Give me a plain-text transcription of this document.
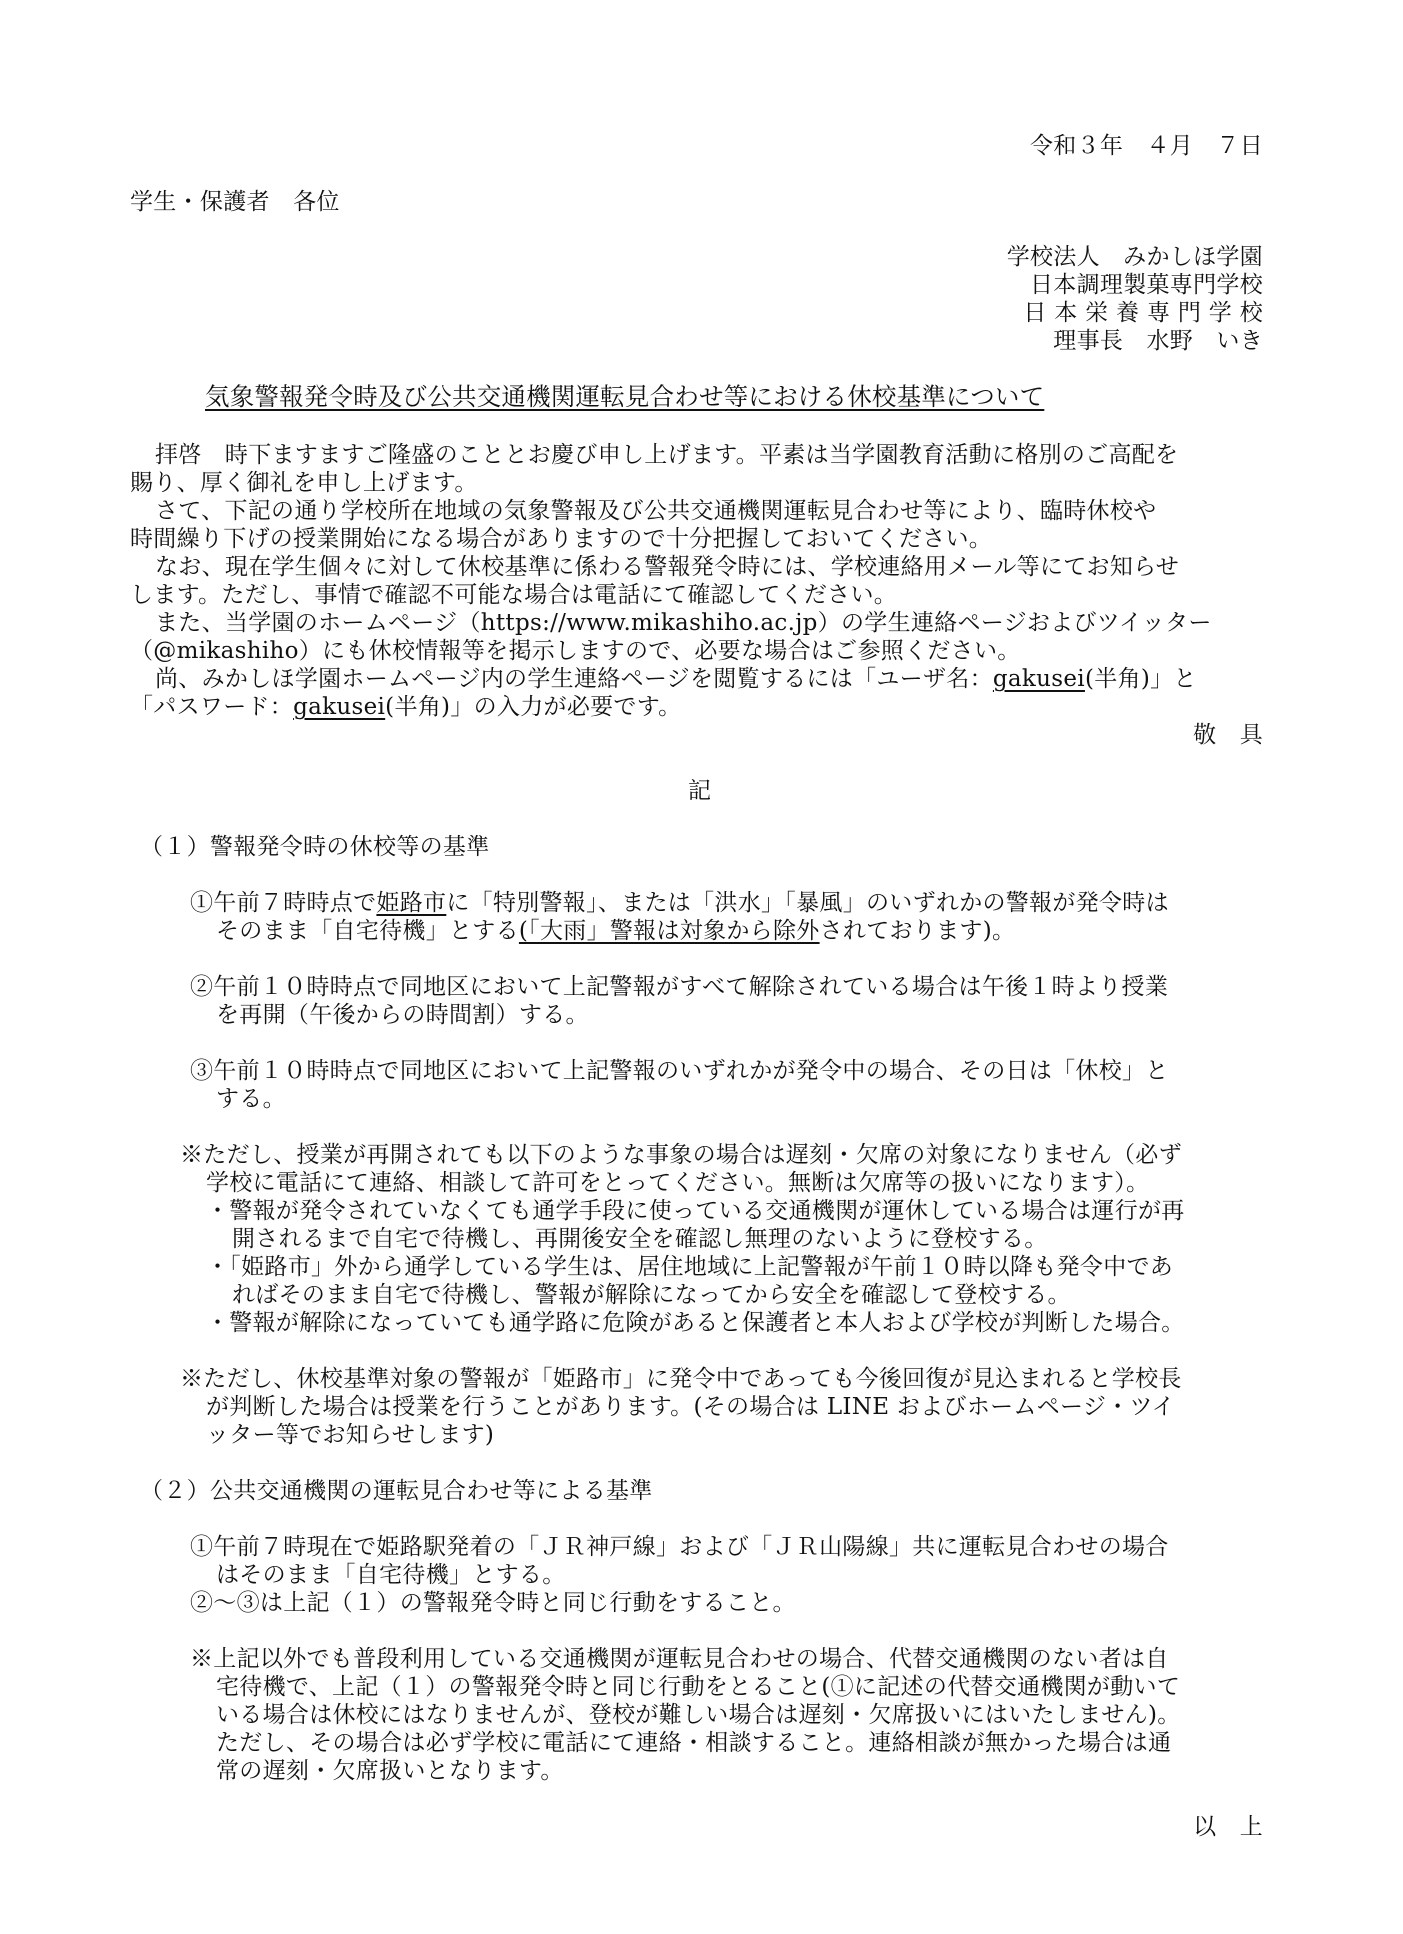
令和３年　４月　７日
学生・保護者　各位
学校法人　みかしほ学園
日本調理製菓専門学校
日 本 栄 養 専 門 学 校
理事長　水野　いき
気象警報発令時及び公共交通機関運転見合わせ等における休校基準について
拝啓　時下ますますご隆盛のこととお慶び申し上げます。平素は当学園教育活動に格別のご高配を
賜り、厚く御礼を申し上げます。
さて、下記の通り学校所在地域の気象警報及び公共交通機関運転見合わせ等により、臨時休校や
時間繰り下げの授業開始になる場合がありますので十分把握しておいてください。
なお、現在学生個々に対して休校基準に係わる警報発令時には、学校連絡用メール等にてお知らせ
します。ただし、事情で確認不可能な場合は電話にて確認してください。
また、当学園のホームページ（https://www.mikashiho.ac.jp）の学生連絡ページおよびツイッター
（@mikashiho）にも休校情報等を掲示しますので、必要な場合はご参照ください。
尚、みかしほ学園ホームページ内の学生連絡ページを閲覧するには「ユーザ名：gakusei(半角)」と
「パスワード：gakusei(半角)」の入力が必要です。
敬　具
記
（１）警報発令時の休校等の基準
①午前７時時点で姫路市に「特別警報」、または「洪水」「暴風」のいずれかの警報が発令時は
そのまま「自宅待機」とする(「大雨」警報は対象から除外されております)。
②午前１０時時点で同地区において上記警報がすべて解除されている場合は午後１時より授業
を再開（午後からの時間割）する。
③午前１０時時点で同地区において上記警報のいずれかが発令中の場合、その日は「休校」と
する。
※ただし、授業が再開されても以下のような事象の場合は遅刻・欠席の対象になりません（必ず
学校に電話にて連絡、相談して許可をとってください。無断は欠席等の扱いになります）。
・警報が発令されていなくても通学手段に使っている交通機関が運休している場合は運行が再
開されるまで自宅で待機し、再開後安全を確認し無理のないように登校する。
・「姫路市」外から通学している学生は、居住地域に上記警報が午前１０時以降も発令中であ
ればそのまま自宅で待機し、警報が解除になってから安全を確認して登校する。
・警報が解除になっていても通学路に危険があると保護者と本人および学校が判断した場合。
※ただし、休校基準対象の警報が「姫路市」に発令中であっても今後回復が見込まれると学校長
が判断した場合は授業を行うことがあります。(その場合は LINE およびホームページ・ツイ
ッター等でお知らせします)
（２）公共交通機関の運転見合わせ等による基準
①午前７時現在で姫路駅発着の「ＪＲ神戸線」および「ＪＲ山陽線」共に運転見合わせの場合
はそのまま「自宅待機」とする。
②～③は上記（１）の警報発令時と同じ行動をすること。
※上記以外でも普段利用している交通機関が運転見合わせの場合、代替交通機関のない者は自
宅待機で、上記（１）の警報発令時と同じ行動をとること(①に記述の代替交通機関が動いて
いる場合は休校にはなりませんが、登校が難しい場合は遅刻・欠席扱いにはいたしません)。
ただし、その場合は必ず学校に電話にて連絡・相談すること。連絡相談が無かった場合は通
常の遅刻・欠席扱いとなります。
以　上
